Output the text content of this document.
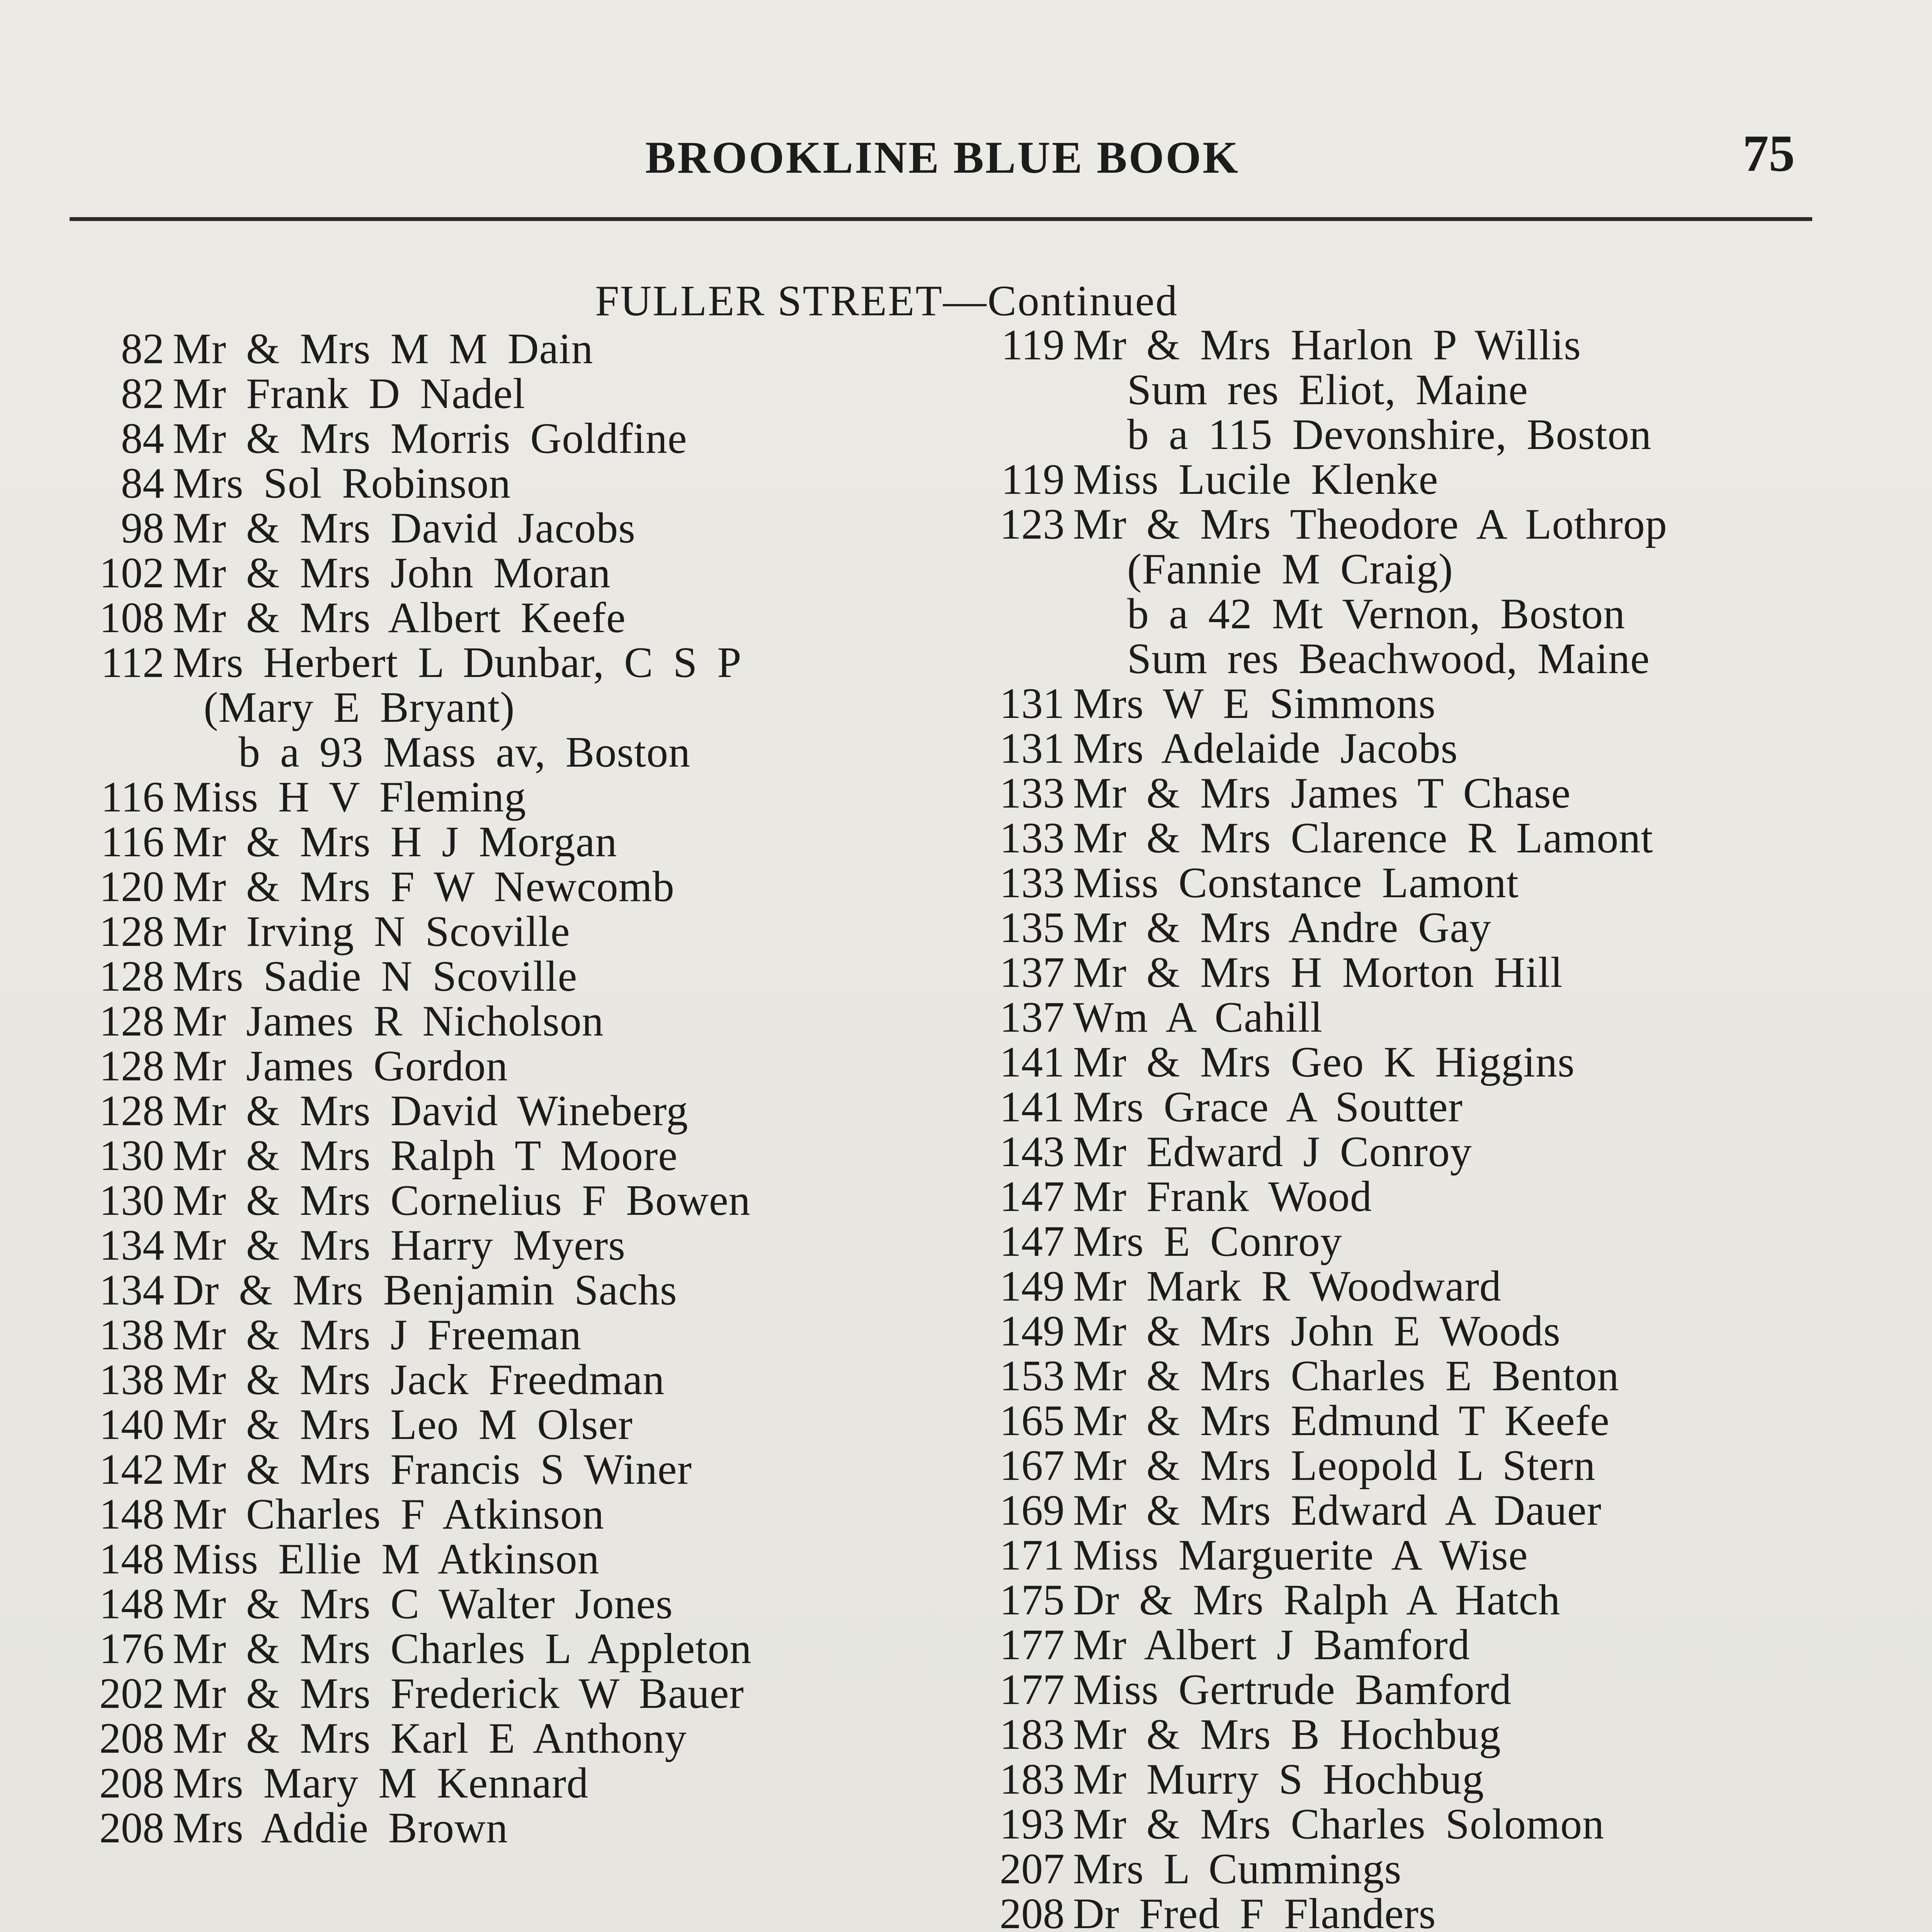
BROOKLINE BLUE BOOK	75
FULLER STREET—Continued
82 Mr & Mrs M M Dain
82 Mr Frank D Nadel
84 Mr & Mrs Morris Goldfine
84 Mrs Sol Robinson
98 Mr & Mrs David Jacobs
102 Mr & Mrs John Moran
108 Mr & Mrs Albert Keefe
112 Mrs Herbert L Dunbar, C S P
(Mary E Bryant)
b a 93 Mass av, Boston
116 Miss H V Fleming
116 Mr & Mrs H J Morgan
120 Mr & Mrs F W Newcomb
128 Mr Irving N Scoville
128 Mrs Sadie N Scoville
128 Mr James R Nicholson
128 Mr James Gordon
128 Mr & Mrs David Wineberg
130 Mr & Mrs Ralph T Moore
130 Mr & Mrs Cornelius F Bowen
134 Mr & Mrs Harry Myers
134 Dr & Mrs Benjamin Sachs
138 Mr & Mrs J Freeman
138 Mr & Mrs Jack Freedman
140 Mr & Mrs Leo M Olser
142 Mr & Mrs Francis S Winer
148 Mr Charles F Atkinson
148 Miss Ellie M Atkinson
148 Mr & Mrs C Walter Jones
176 Mr & Mrs Charles L Appleton
202 Mr & Mrs Frederick W Bauer
208 Mr & Mrs Karl E Anthony
208 Mrs Mary M Kennard
208 Mrs Addie Brown
119 Mr & Mrs Harlon P Willis
Sum res Eliot, Maine
b a 115 Devonshire, Boston
119 Miss Lucile Klenke
123 Mr & Mrs Theodore A Lothrop
(Fannie M Craig)
b a 42 Mt Vernon, Boston
Sum res Beachwood, Maine
131 Mrs W E Simmons
131 Mrs Adelaide Jacobs
133 Mr & Mrs James T Chase
133 Mr & Mrs Clarence R Lamont
133 Miss Constance Lamont
135 Mr & Mrs Andre Gay
137 Mr & Mrs H Morton Hill
137 Wm A Cahill
141 Mr & Mrs Geo K Higgins
141 Mrs Grace A Soutter
143 Mr Edward J Conroy
147 Mr Frank Wood
147 Mrs E Conroy
149 Mr Mark R Woodward
149 Mr & Mrs John E Woods
153 Mr & Mrs Charles E Benton
165 Mr & Mrs Edmund T Keefe
167 Mr & Mrs Leopold L Stern
169 Mr & Mrs Edward A Dauer
171 Miss Marguerite A Wise
175 Dr & Mrs Ralph A Hatch
177 Mr Albert J Bamford
177 Miss Gertrude Bamford
183 Mr & Mrs B Hochbug
183 Mr Murry S Hochbug
193 Mr & Mrs Charles Solomon
207 Mrs L Cummings
208 Dr Fred F Flanders
